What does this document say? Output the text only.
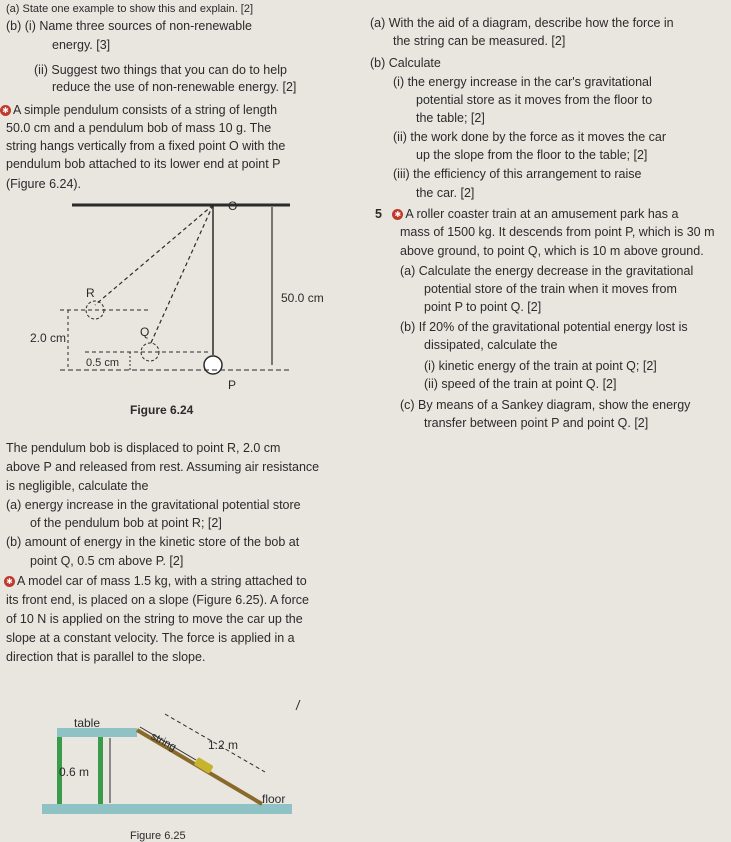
(a) State one example to show this and explain. [2]
(b) (i) Name three sources of non-renewable
energy. [3]
(ii) Suggest two things that you can do to help
reduce the use of non-renewable energy. [2]
✱ A simple pendulum consists of a string of length
50.0 cm and a pendulum bob of mass 10 g. The
string hangs vertically from a fixed point O with the
pendulum bob attached to its lower end at point P
(Figure 6.24).
O
R
Q
P
50.0 cm
2.0 cm
0.5 cm
Figure 6.24
The pendulum bob is displaced to point R, 2.0 cm
above P and released from rest. Assuming air resistance
is negligible, calculate the
(a) energy increase in the gravitational potential store
of the pendulum bob at point R; [2]
(b) amount of energy in the kinetic store of the bob at
point Q, 0.5 cm above P. [2]
✱ A model car of mass 1.5 kg, with a string attached to
its front end, is placed on a slope (Figure 6.25). A force
of 10 N is applied on the string to move the car up the
slope at a constant velocity. The force is applied in a
direction that is parallel to the slope.
table
string 1.2 m
0.6 m
floor
Figure 6.25
(a) With the aid of a diagram, describe how the force in
the string can be measured. [2]
(b) Calculate
(i) the energy increase in the car's gravitational
potential store as it moves from the floor to
the table; [2]
(ii) the work done by the force as it moves the car
up the slope from the floor to the table; [2]
(iii) the efficiency of this arrangement to raise
the car. [2]
5 ✱ A roller coaster train at an amusement park has a
mass of 1500 kg. It descends from point P, which is 30 m
above ground, to point Q, which is 10 m above ground.
(a) Calculate the energy decrease in the gravitational
potential store of the train when it moves from
point P to point Q. [2]
(b) If 20% of the gravitational potential energy lost is
dissipated, calculate the
(i) kinetic energy of the train at point Q; [2]
(ii) speed of the train at point Q. [2]
(c) By means of a Sankey diagram, show the energy
transfer between point P and point Q. [2]
